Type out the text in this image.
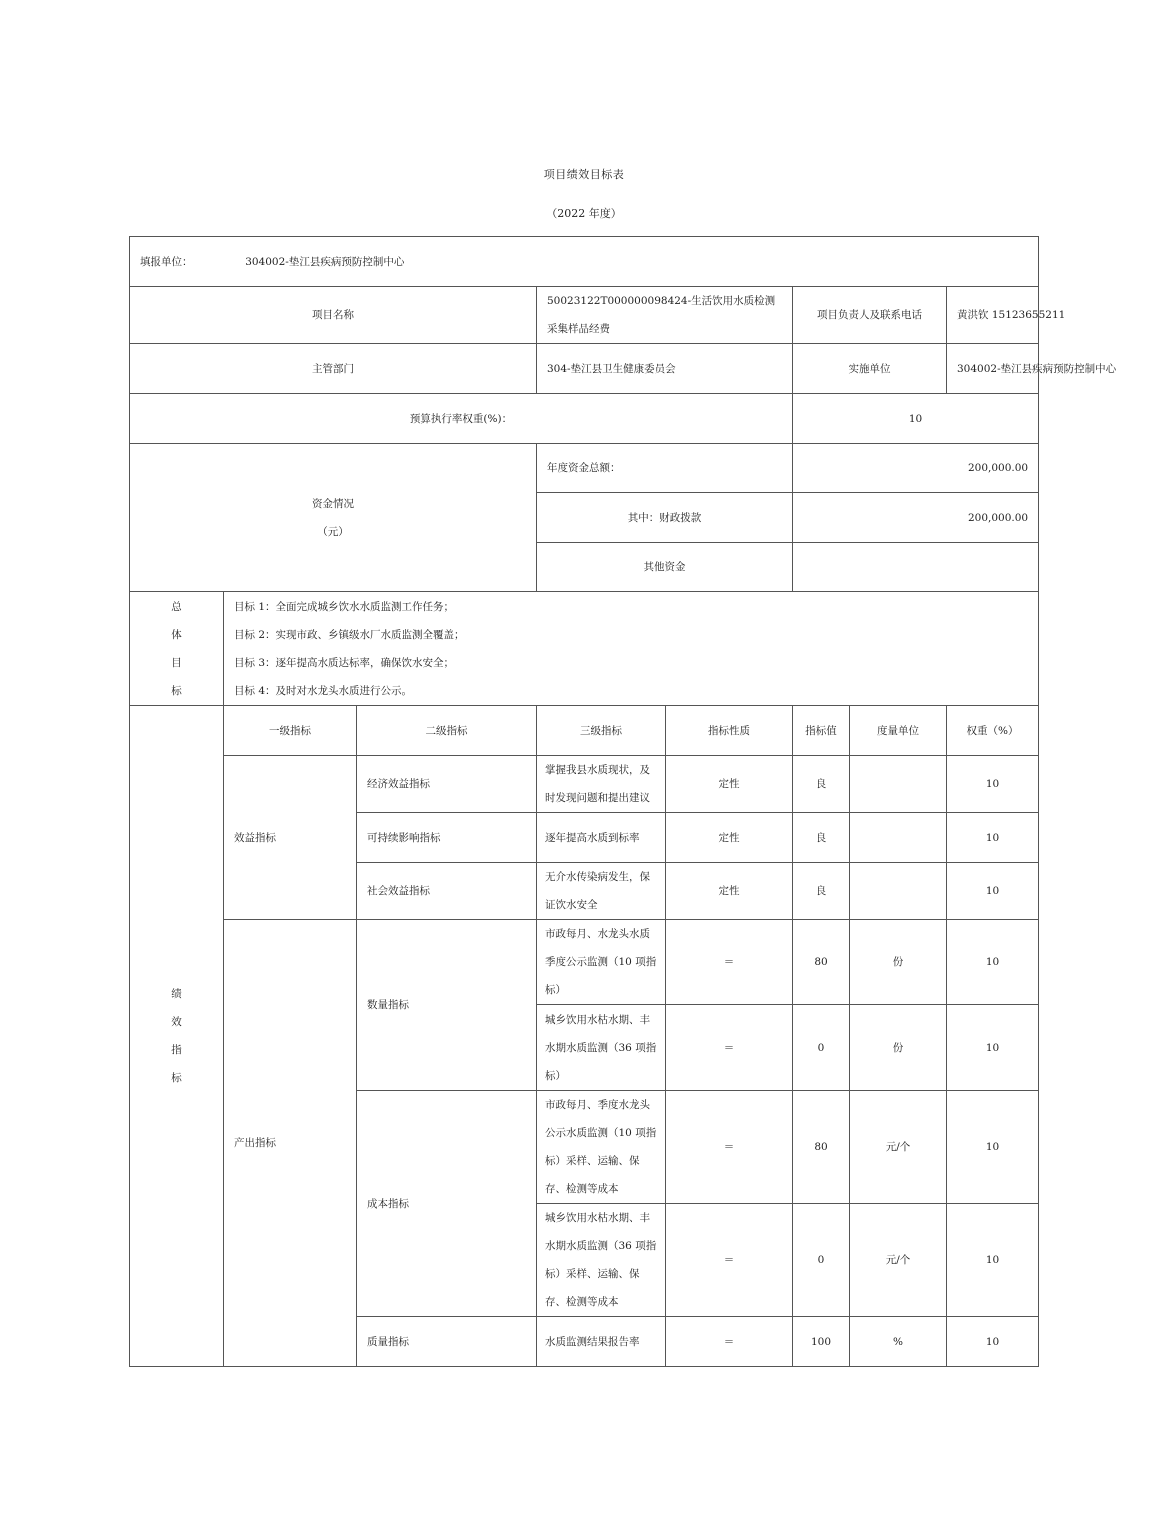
项目绩效目标表
（2022 年度）
填报单位： 304002-垫江县疾病预防控制中心							
项目名称			50023122T000000098424-生活饮用水质检测采集样品经费		项目负责人及联系电话		黄洪钦 15123655211
主管部门			304-垫江县卫生健康委员会		实施单位		304002-垫江县疾病预防控制中心
预算执行率权重(%)：					10		

资金情况
（元）			年度资金总额：		200,000.00		
			其中：财政拨款		200,000.00		
			其他资金				

总
体
目
标	目标 1：全面完成城乡饮水水质监测工作任务；
目标 2：实现市政、乡镇级水厂水质监测全覆盖；
目标 3：逐年提高水质达标率，确保饮水安全；
目标 4：及时对水龙头水质进行公示。						

绩
效
指
标	一级指标	二级指标	三级指标	指标性质	指标值	度量单位	权重（%）
	效益指标	经济效益指标	掌握我县水质现状，及时发现问题和提出建议	定性	良		10
		可持续影响指标	逐年提高水质到标率	定性	良		10
		社会效益指标	无介水传染病发生，保证饮水安全	定性	良		10
	产出指标	数量指标	市政每月、水龙头水质季度公示监测（10 项指标）	＝	80	份	10
			城乡饮用水枯水期、丰水期水质监测（36 项指标）	＝	0	份	10
		成本指标	市政每月、季度水龙头公示水质监测（10 项指标）采样、运输、保存、检测等成本	＝	80	元/个	10
			城乡饮用水枯水期、丰水期水质监测（36 项指标）采样、运输、保存、检测等成本	＝	0	元/个	10
		质量指标	水质监测结果报告率	＝	100	%	10
